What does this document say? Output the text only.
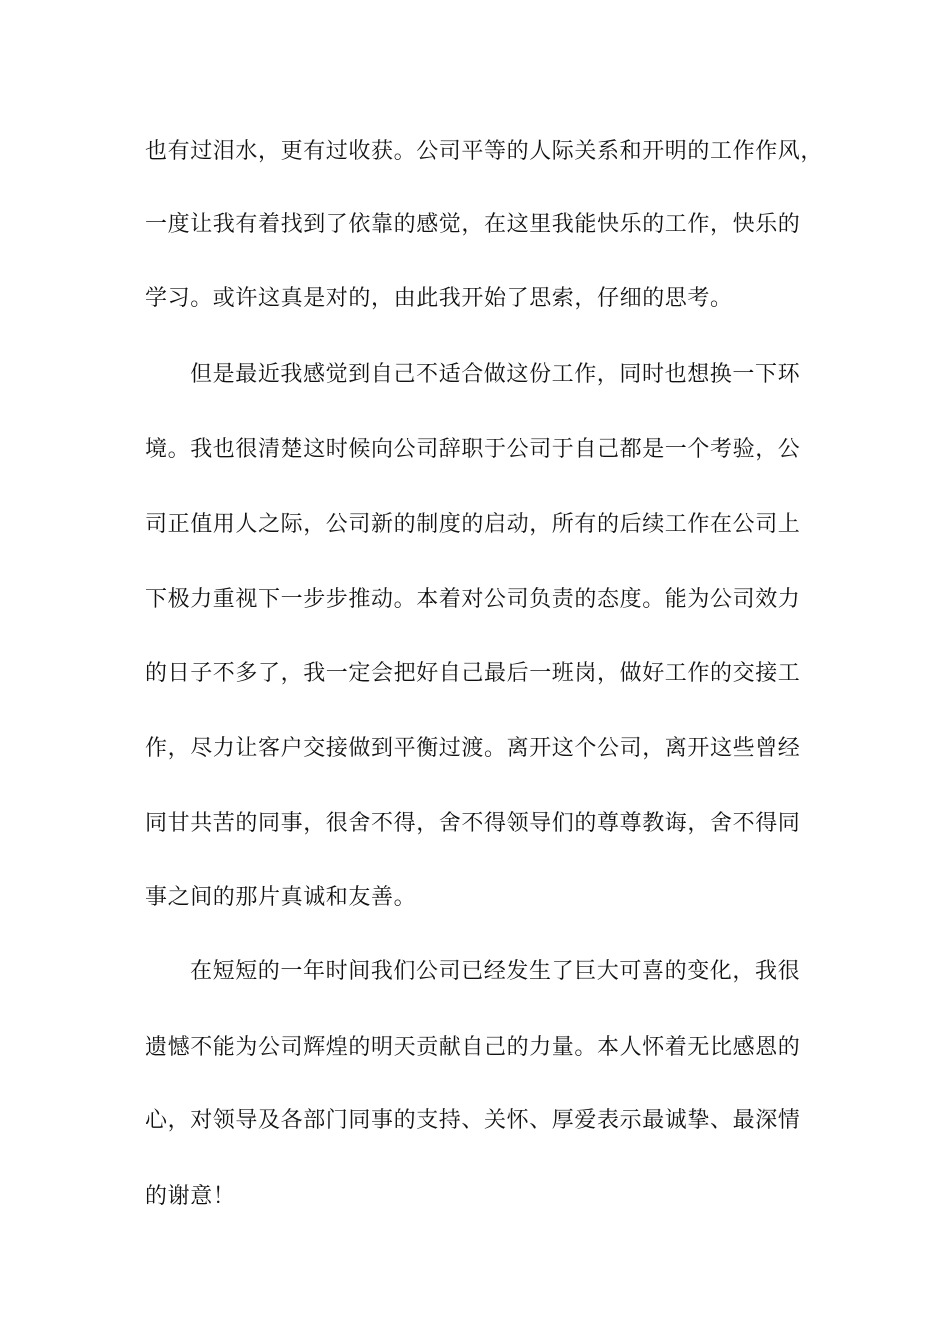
也有过泪水，更有过收获。公司平等的人际关系和开明的工作作风，
一度让我有着找到了依靠的感觉，在这里我能快乐的工作，快乐的
学习。或许这真是对的，由此我开始了思索，仔细的思考。
但是最近我感觉到自己不适合做这份工作，同时也想换一下环
境。我也很清楚这时候向公司辞职于公司于自己都是一个考验，公
司正值用人之际，公司新的制度的启动，所有的后续工作在公司上
下极力重视下一步步推动。本着对公司负责的态度。能为公司效力
的日子不多了，我一定会把好自己最后一班岗，做好工作的交接工
作，尽力让客户交接做到平衡过渡。离开这个公司，离开这些曾经
同甘共苦的同事，很舍不得，舍不得领导们的尊尊教诲，舍不得同
事之间的那片真诚和友善。
在短短的一年时间我们公司已经发生了巨大可喜的变化，我很
遗憾不能为公司辉煌的明天贡献自己的力量。本人怀着无比感恩的
心，对领导及各部门同事的支持、关怀、厚爱表示最诚挚、最深情
的谢意！
